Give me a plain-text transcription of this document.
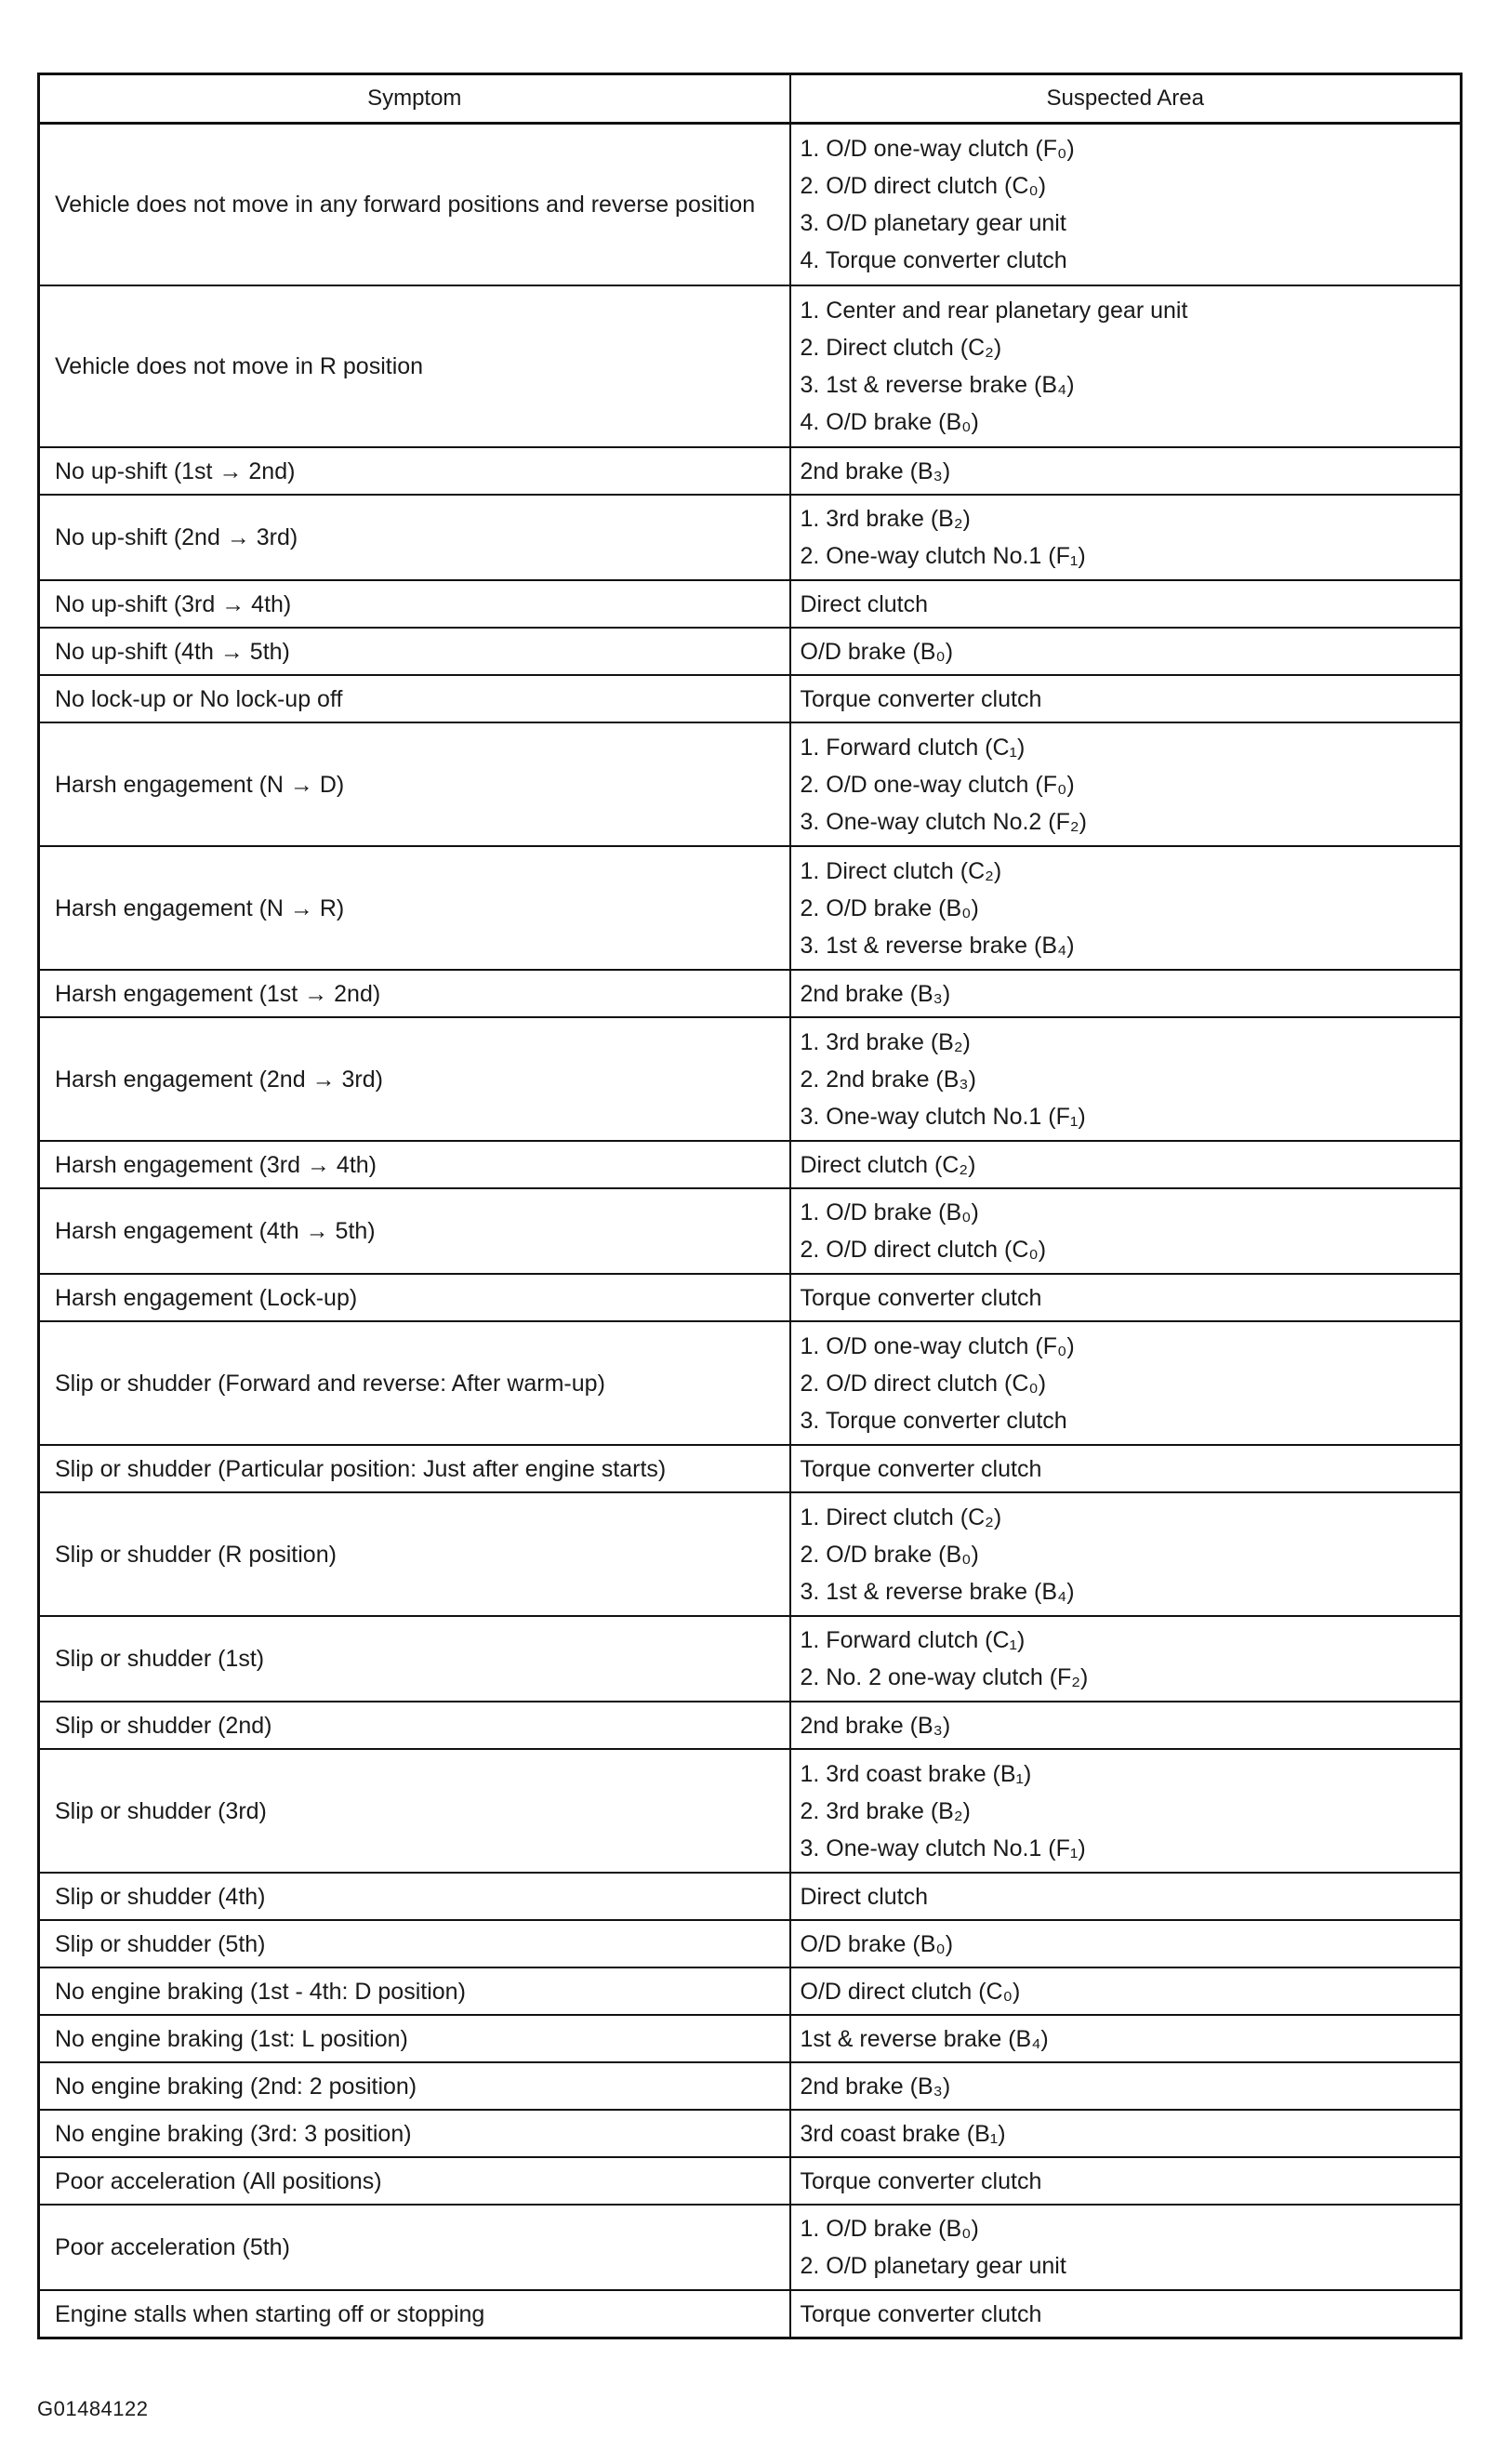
Symptom	Suspected Area

Vehicle does not move in any forward positions and reverse position	1. O/D one-way clutch (F₀)
2. O/D direct clutch (C₀)
3. O/D planetary gear unit
4. Torque converter clutch

Vehicle does not move in R position	1. Center and rear planetary gear unit
2. Direct clutch (C₂)
3. 1st & reverse brake (B₄)
4. O/D brake (B₀)

No up-shift (1st → 2nd)	2nd brake (B₃)

No up-shift (2nd → 3rd)	1. 3rd brake (B₂)
2. One-way clutch No.1 (F₁)

No up-shift (3rd → 4th)	Direct clutch

No up-shift (4th → 5th)	O/D brake (B₀)

No lock-up or No lock-up off	Torque converter clutch

Harsh engagement (N → D)	1. Forward clutch (C₁)
2. O/D one-way clutch (F₀)
3. One-way clutch No.2 (F₂)

Harsh engagement (N → R)	1. Direct clutch (C₂)
2. O/D brake (B₀)
3. 1st & reverse brake (B₄)

Harsh engagement (1st → 2nd)	2nd brake (B₃)

Harsh engagement (2nd → 3rd)	1. 3rd brake (B₂)
2. 2nd brake (B₃)
3. One-way clutch No.1 (F₁)

Harsh engagement (3rd → 4th)	Direct clutch (C₂)

Harsh engagement (4th → 5th)	1. O/D brake (B₀)
2. O/D direct clutch (C₀)

Harsh engagement (Lock-up)	Torque converter clutch

Slip or shudder (Forward and reverse: After warm-up)	1. O/D one-way clutch (F₀)
2. O/D direct clutch (C₀)
3. Torque converter clutch

Slip or shudder (Particular position: Just after engine starts)	Torque converter clutch

Slip or shudder (R position)	1. Direct clutch (C₂)
2. O/D brake (B₀)
3. 1st & reverse brake (B₄)

Slip or shudder (1st)	1. Forward clutch (C₁)
2. No. 2 one-way clutch (F₂)

Slip or shudder (2nd)	2nd brake (B₃)

Slip or shudder (3rd)	1. 3rd coast brake (B₁)
2. 3rd brake (B₂)
3. One-way clutch No.1 (F₁)

Slip or shudder (4th)	Direct clutch

Slip or shudder (5th)	O/D brake (B₀)

No engine braking (1st - 4th: D position)	O/D direct clutch (C₀)

No engine braking (1st: L position)	1st & reverse brake (B₄)

No engine braking (2nd: 2 position)	2nd brake (B₃)

No engine braking (3rd: 3 position)	3rd coast brake (B₁)

Poor acceleration (All positions)	Torque converter clutch

Poor acceleration (5th)	1. O/D brake (B₀)
2. O/D planetary gear unit

Engine stalls when starting off or stopping	Torque converter clutch
G01484122
